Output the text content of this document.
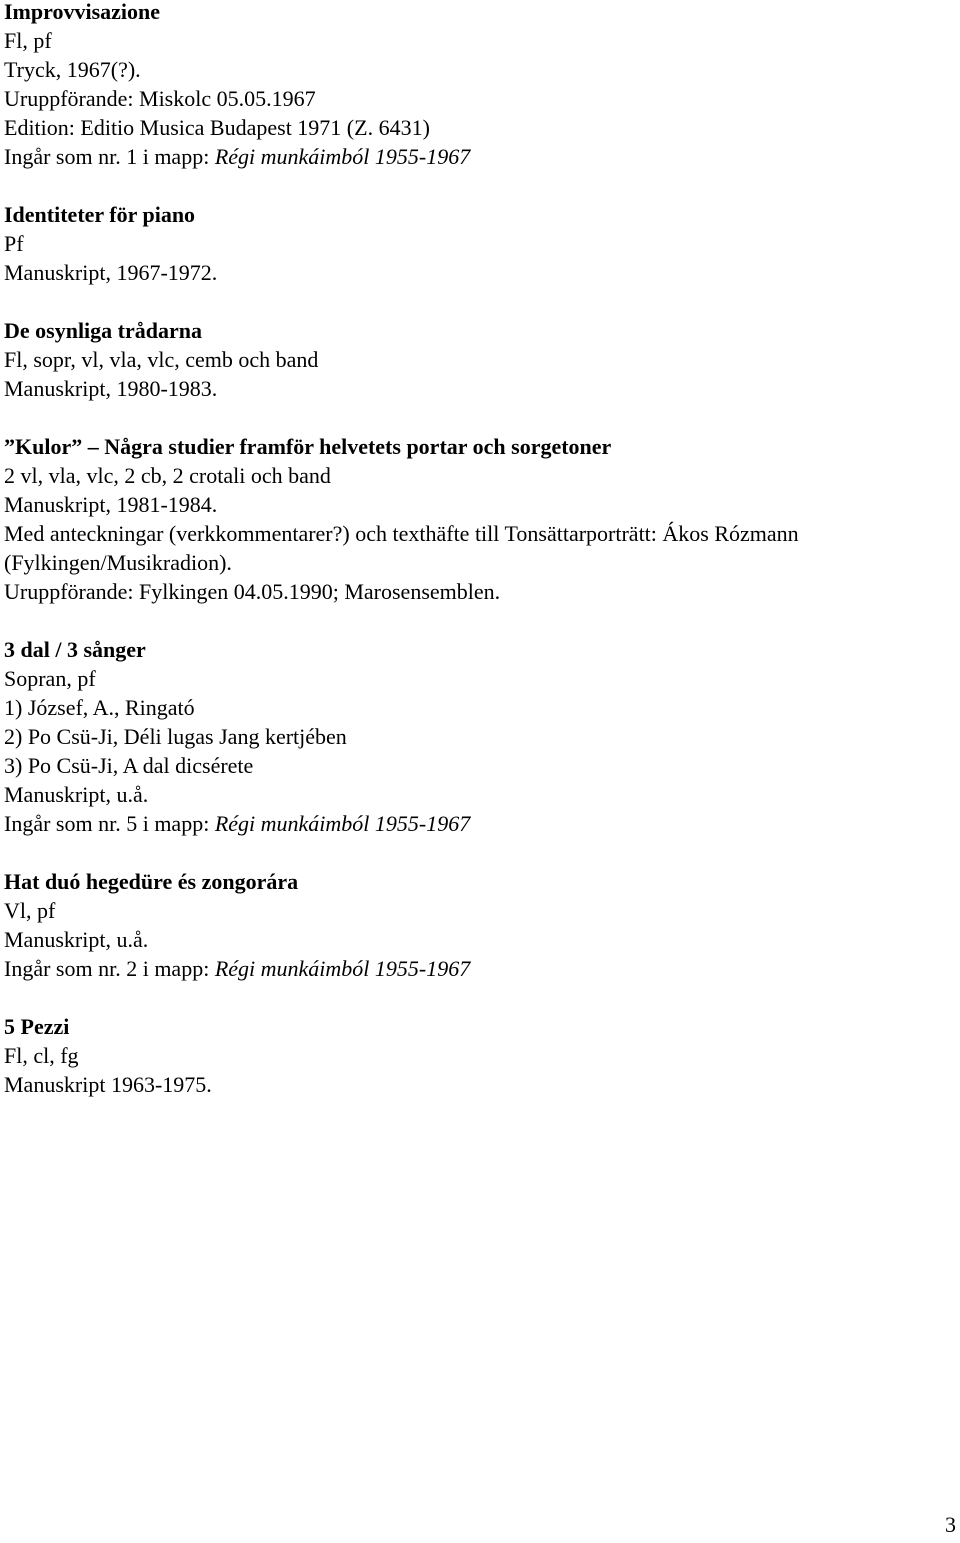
Improvvisazione
Fl, pf
Tryck, 1967(?).
Uruppförande: Miskolc 05.05.1967
Edition: Editio Musica Budapest 1971 (Z. 6431)
Ingår som nr. 1 i mapp: Régi munkáimból 1955-1967
Identiteter för piano
Pf
Manuskript, 1967-1972.
De osynliga trådarna
Fl, sopr, vl, vla, vlc, cemb och band
Manuskript, 1980-1983.
”Kulor” – Några studier framför helvetets portar och sorgetoner
2 vl, vla, vlc, 2 cb, 2 crotali och band
Manuskript, 1981-1984.
Med anteckningar (verkkommentarer?) och texthäfte till Tonsättarporträtt: Ákos Rózmann
(Fylkingen/Musikradion).
Uruppförande: Fylkingen 04.05.1990; Marosensemblen.
3 dal / 3 sånger
Sopran, pf
1) József, A., Ringató
2) Po Csü-Ji, Déli lugas Jang kertjében
3) Po Csü-Ji, A dal dicsérete
Manuskript, u.å.
Ingår som nr. 5 i mapp: Régi munkáimból 1955-1967
Hat duó hegedüre és zongorára
Vl, pf
Manuskript, u.å.
Ingår som nr. 2 i mapp: Régi munkáimból 1955-1967
5 Pezzi
Fl, cl, fg
Manuskript 1963-1975.
3
